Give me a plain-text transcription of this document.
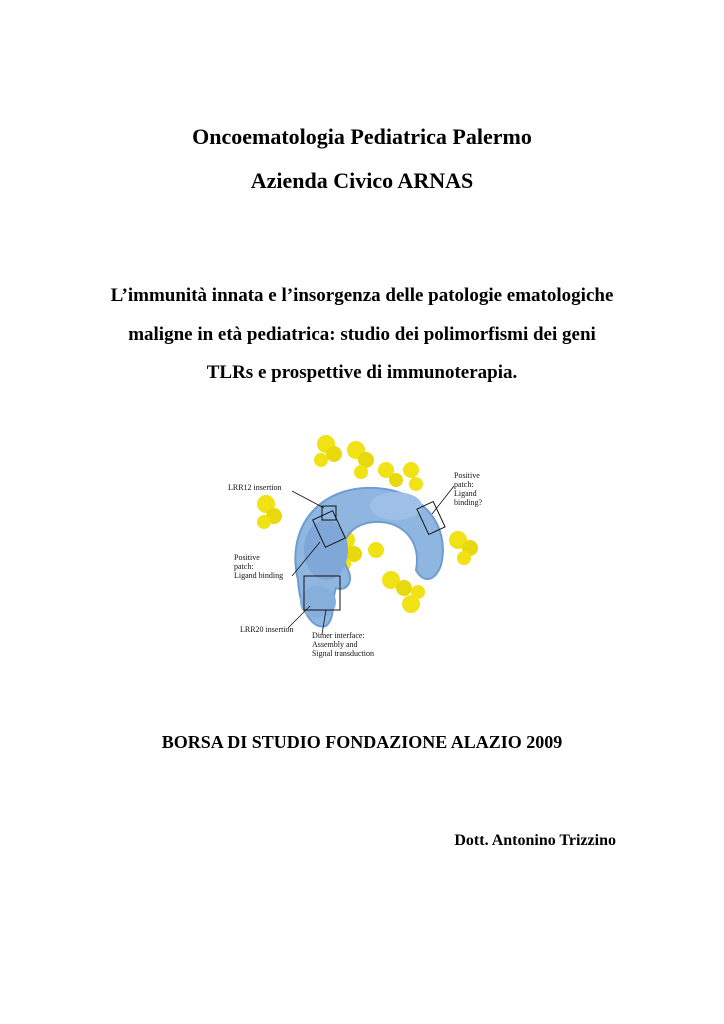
Oncoematologia Pediatrica Palermo
Azienda Civico ARNAS
L’immunità innata e l’insorgenza delle patologie ematologiche
maligne in età pediatrica: studio dei polimorfismi dei geni
TLRs e prospettive di immunoterapia.
LRR12 insertion
Positive
patch:
Ligand binding
LRR20 insertion
Dimer interface:
Assembly and
Signal transduction
Positive
patch:
Ligand
binding?
BORSA DI STUDIO FONDAZIONE ALAZIO 2009
Dott. Antonino Trizzino
